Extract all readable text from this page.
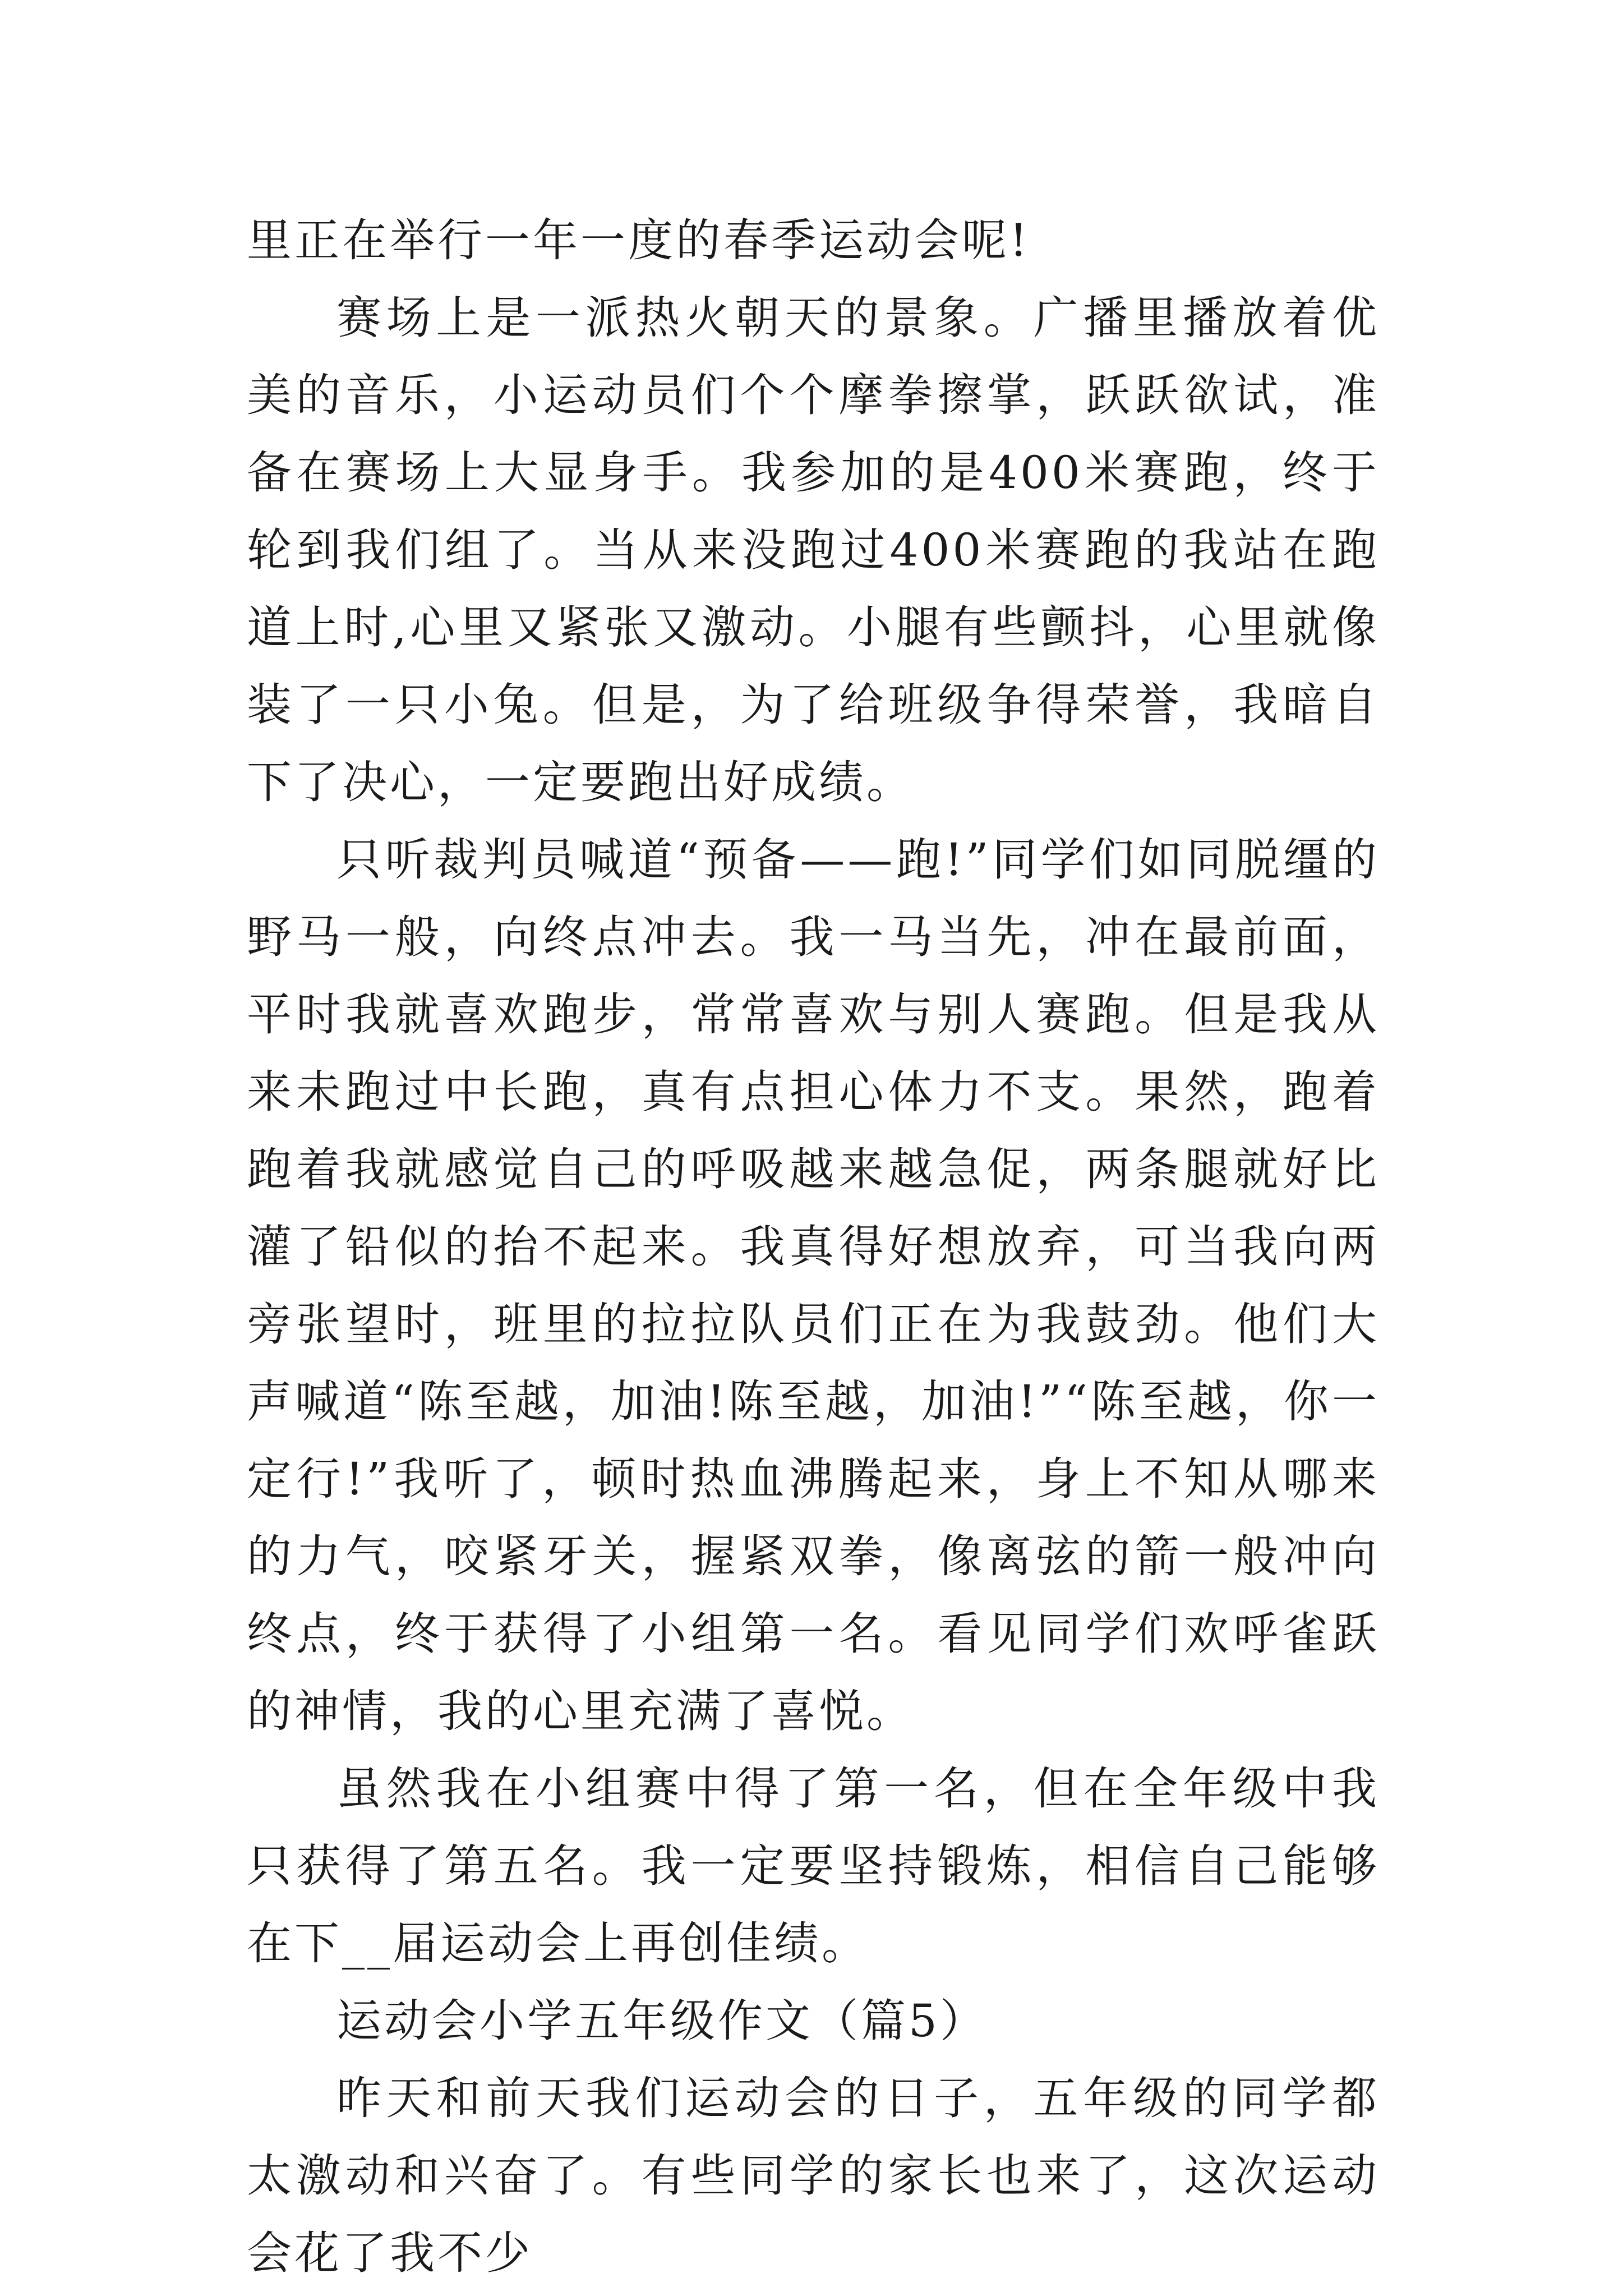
里正在举行一年一度的春季运动会呢!

赛场上是一派热火朝天的景象。广播里播放着优美的音乐，小运动员们个个摩拳擦掌，跃跃欲试，准备在赛场上大显身手。我参加的是400米赛跑，终于轮到我们组了。当从来没跑过400米赛跑的我站在跑道上时,心里又紧张又激动。小腿有些颤抖，心里就像装了一只小兔。但是，为了给班级争得荣誉，我暗自下了决心，一定要跑出好成绩。

只听裁判员喊道“预备——跑!”同学们如同脱缰的野马一般，向终点冲去。我一马当先，冲在最前面，平时我就喜欢跑步，常常喜欢与别人赛跑。但是我从来未跑过中长跑，真有点担心体力不支。果然，跑着跑着我就感觉自己的呼吸越来越急促，两条腿就好比灌了铅似的抬不起来。我真得好想放弃，可当我向两旁张望时，班里的拉拉队员们正在为我鼓劲。他们大声喊道“陈至越，加油!陈至越，加油!”“陈至越，你一定行!”我听了，顿时热血沸腾起来，身上不知从哪来的力气，咬紧牙关，握紧双拳，像离弦的箭一般冲向终点，终于获得了小组第一名。看见同学们欢呼雀跃的神情，我的心里充满了喜悦。

虽然我在小组赛中得了第一名，但在全年级中我只获得了第五名。我一定要坚持锻炼，相信自己能够在下__届运动会上再创佳绩。

运动会小学五年级作文（篇5）

昨天和前天我们运动会的日子，五年级的同学都太激动和兴奋了。有些同学的家长也来了，这次运动会花了我不少
